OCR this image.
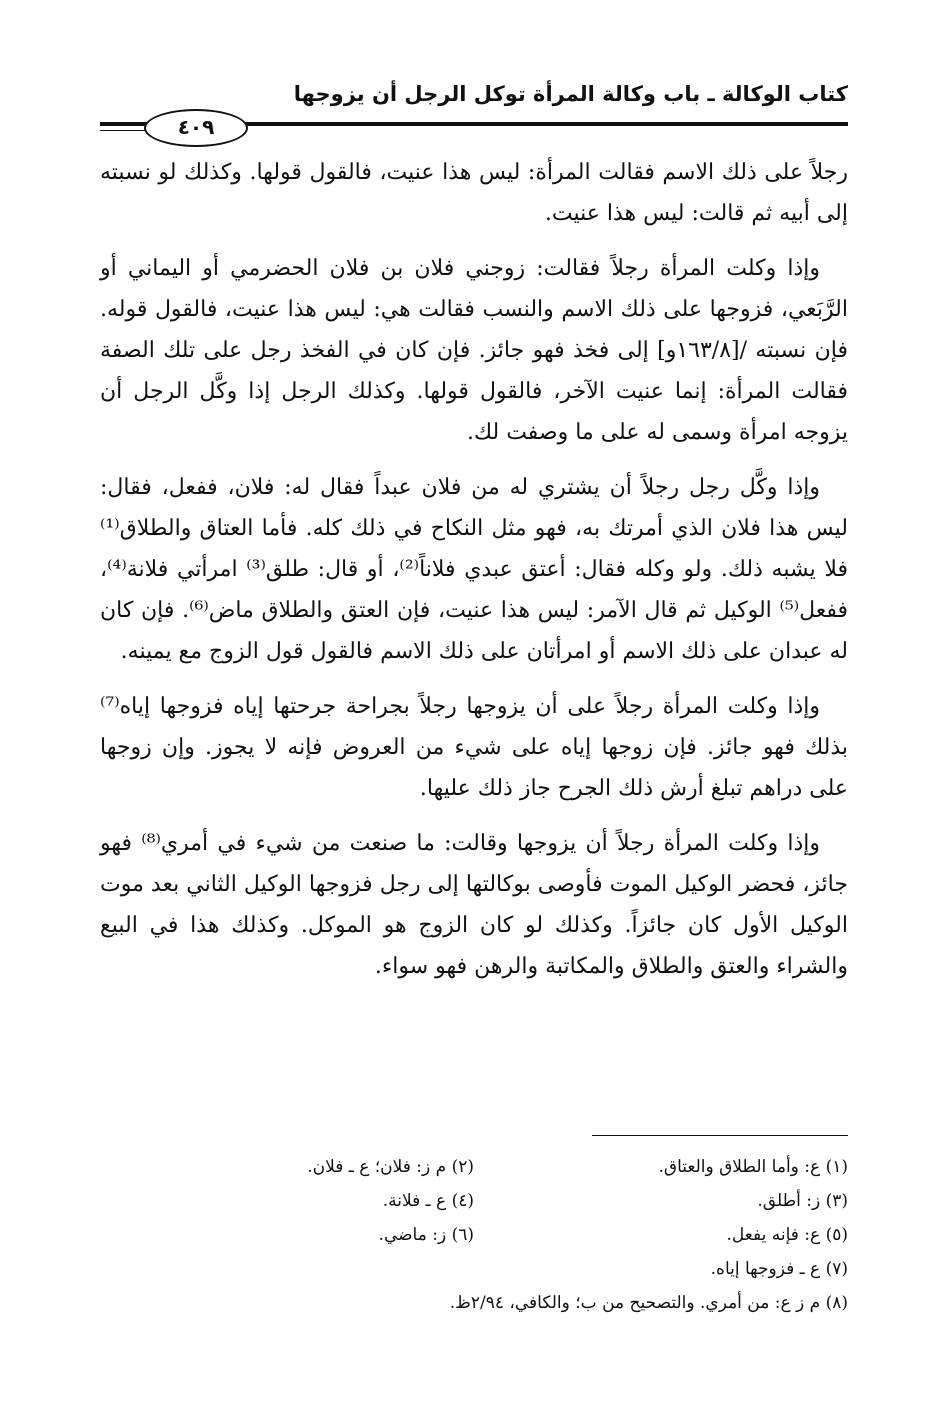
كتاب الوكالة ـ باب وكالة المرأة توكل الرجل أن يزوجها
٤٠٩

رجلاً على ذلك الاسم فقالت المرأة: ليس هذا عنيت، فالقول قولها. وكذلك لو نسبته إلى أبيه ثم قالت: ليس هذا عنيت.

وإذا وكلت المرأة رجلاً فقالت: زوجني فلان بن فلان الحضرمي أو اليماني أو الرَّبَعي، فزوجها على ذلك الاسم والنسب فقالت هي: ليس هذا عنيت، فالقول قوله. فإن نسبته /[١٦٣/٨و] إلى فخذ فهو جائز. فإن كان في الفخذ رجل على تلك الصفة فقالت المرأة: إنما عنيت الآخر، فالقول قولها. وكذلك الرجل إذا وكَّل الرجل أن يزوجه امرأة وسمى له على ما وصفت لك.

وإذا وكَّل رجل رجلاً أن يشتري له من فلان عبداً فقال له: فلان، ففعل، فقال: ليس هذا فلان الذي أمرتك به، فهو مثل النكاح في ذلك كله. فأما العتاق والطلاق⁽¹⁾ فلا يشبه ذلك. ولو وكله فقال: أعتق عبدي فلاناً⁽²⁾، أو قال: طلق⁽³⁾ امرأتي فلانة⁽⁴⁾، ففعل⁽⁵⁾ الوكيل ثم قال الآمر: ليس هذا عنيت، فإن العتق والطلاق ماض⁽⁶⁾. فإن كان له عبدان على ذلك الاسم أو امرأتان على ذلك الاسم فالقول قول الزوج مع يمينه.

وإذا وكلت المرأة رجلاً على أن يزوجها رجلاً بجراحة جرحتها إياه فزوجها إياه⁽⁷⁾ بذلك فهو جائز. فإن زوجها إياه على شيء من العروض فإنه لا يجوز. وإن زوجها على دراهم تبلغ أرش ذلك الجرح جاز ذلك عليها.

وإذا وكلت المرأة رجلاً أن يزوجها وقالت: ما صنعت من شيء في أمري⁽⁸⁾ فهو جائز، فحضر الوكيل الموت فأوصى بوكالتها إلى رجل فزوجها الوكيل الثاني بعد موت الوكيل الأول كان جائزاً. وكذلك لو كان الزوج هو الموكل. وكذلك هذا في البيع والشراء والعتق والطلاق والمكاتبة والرهن فهو سواء.

(١) ع: وأما الطلاق والعتاق.
(٢) م ز: فلان؛ ع ـ فلان.
(٣) ز: أطلق.
(٤) ع ـ فلانة.
(٥) ع: فإنه يفعل.
(٦) ز: ماضي.
(٧) ع ـ فزوجها إياه.
(٨) م ز ع: من أمري. والتصحيح من ب؛ والكافي، ٢/٩٤ظ.
